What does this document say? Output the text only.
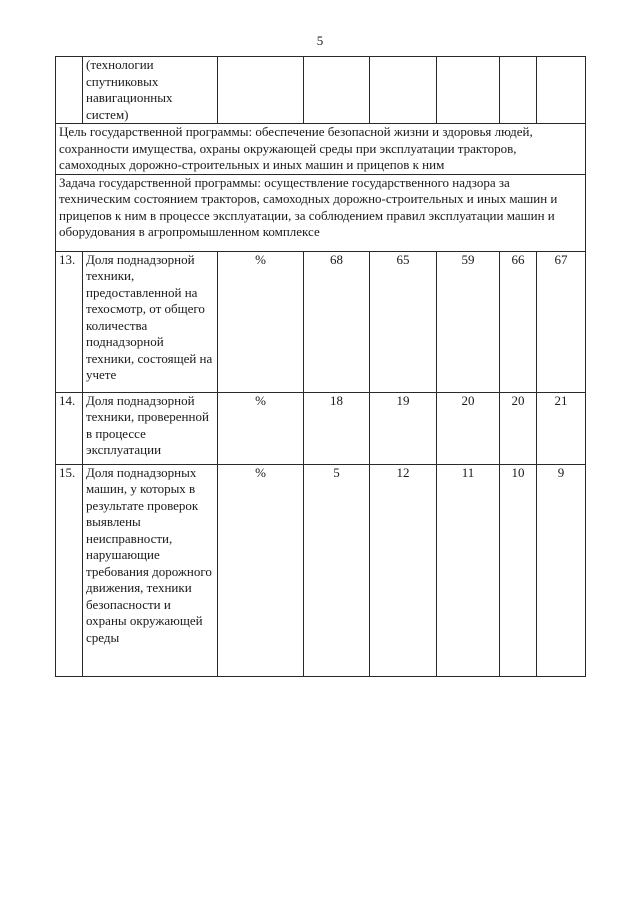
5
	(технологии спутниковых навигационных систем)						
Цель государственной программы: обеспечение безопасной жизни и здоровья людей, сохранности имущества, охраны окружающей среды при эксплуатации тракторов, самоходных дорожно-строительных и иных машин и прицепов к ним							
Задача государственной программы: осуществление государственного надзора за техническим состоянием тракторов, самоходных дорожно-строительных и иных машин и прицепов к ним в процессе эксплуатации, за соблюдением правил эксплуатации машин и оборудования в агропромышленном комплексе							
13.	Доля поднадзорной техники, предоставленной на техосмотр, от общего количества поднадзорной техники, состоящей на учете	%	68	65	59	66	67
14.	Доля поднадзорной техники, проверенной в процессе эксплуатации	%	18	19	20	20	21
15.	Доля поднадзорных машин, у которых в результате проверок выявлены неисправности, нарушающие требования дорожного движения, техники безопасности и охраны окружающей среды	%	5	12	11	10	9
